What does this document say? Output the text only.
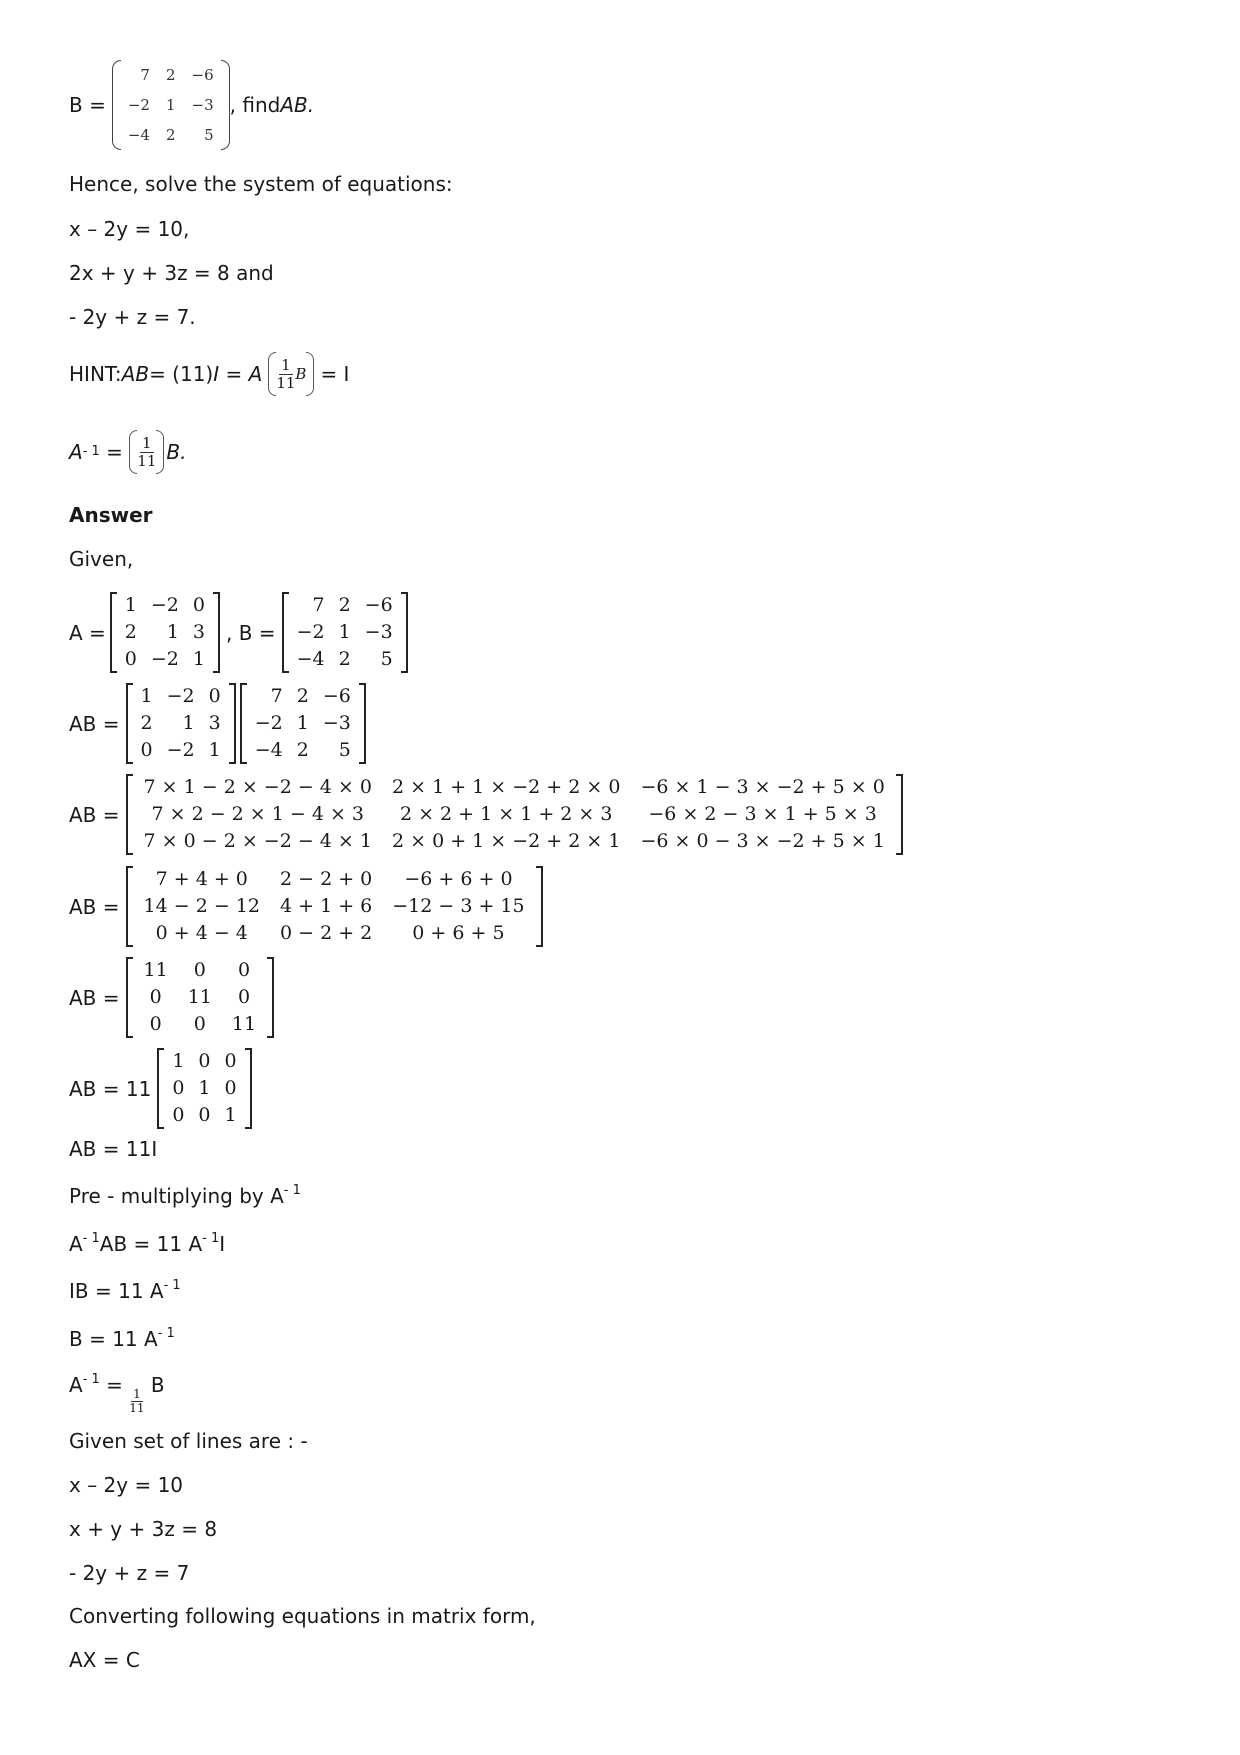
B =
7	2	−6
−2	1	−3
−4	2	5
, find AB.
Hence, solve the system of equations:
x – 2y = 10,
2x + y + 3z = 8 and
- 2y + z = 7.
HINT: AB = (11) I = A $\frac{1}{11}$ B = I
$A - 1 = \frac{1}{11} B$.
Answer
Given,
A =
1	−2	0
2	1	3
0	−2	1
, B =
7	2	−6
−2	1	−3
−4	2	5
AB =
1	−2	0
2	1	3
0	−2	1
7	2	−6
−2	1	−3
−4	2	5
AB =
7 × 1 − 2 × −2 − 4 × 0	2 × 1 + 1 × −2 + 2 × 0	−6 × 1 − 3 × −2 + 5 × 0
7 × 2 − 2 × 1 − 4 × 3	2 × 2 + 1 × 1 + 2 × 3	−6 × 2 − 3 × 1 + 5 × 3
7 × 0 − 2 × −2 − 4 × 1	2 × 0 + 1 × −2 + 2 × 1	−6 × 0 − 3 × −2 + 5 × 1
AB =
7 + 4 + 0	2 − 2 + 0	−6 + 6 + 0
14 − 2 − 12	4 + 1 + 6	−12 − 3 + 15
0 + 4 − 4	0 − 2 + 2	0 + 6 + 5
AB =
11	0	0
0	11	0
0	0	11
AB = 11
1	0	0
0	1	0
0	0	1
AB = 11I
Pre - multiplying by $A^{- 1}$
$A^{- 1}AB = 11$ $A^{- 1}I$
IB = 11 $A^{- 1}$
B = 11 $A^{- 1}$
$A^{- 1}$ =
$\frac{1}{11}$
B
Given set of lines are : -
x – 2y = 10
x + y + 3z = 8
- 2y + z = 7
Converting following equations in matrix form,
AX = C
